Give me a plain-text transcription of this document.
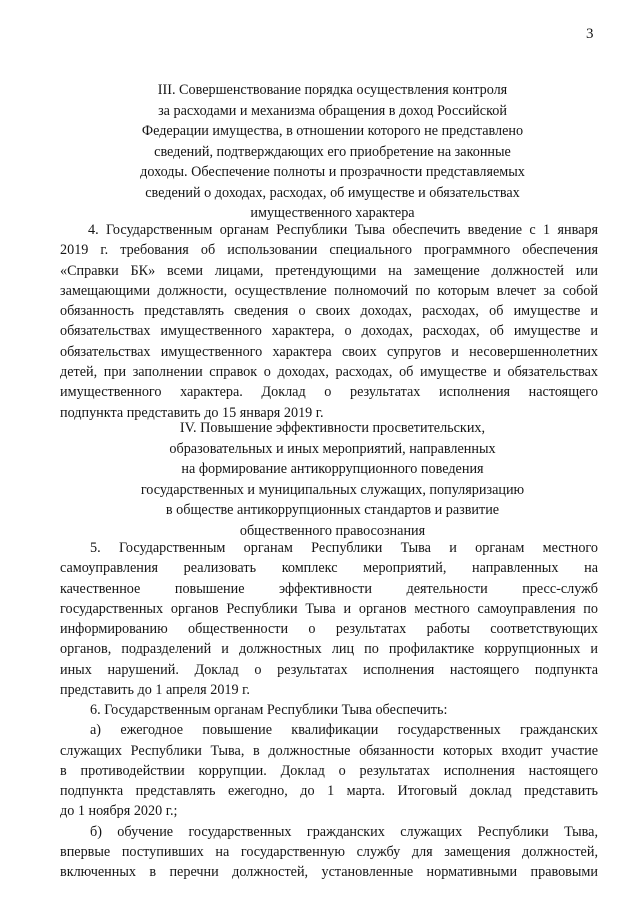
3
III. Совершенствование порядка осуществления контроля
за расходами и механизма обращения в доход Российской
Федерации имущества, в отношении которого не представлено
сведений, подтверждающих его приобретение на законные
доходы. Обеспечение полноты и прозрачности представляемых
сведений о доходах, расходах, об имуществе и обязательствах
имущественного характера
4. Государственным органам Республики Тыва обеспечить введение с 1 января
2019 г. требования об использовании специального программного обеспечения
«Справки БК» всеми лицами, претендующими на замещение должностей или
замещающими должности, осуществление полномочий по которым влечет за собой
обязанность представлять сведения о своих доходах, расходах, об имуществе и
обязательствах имущественного характера, о доходах, расходах, об имуществе и
обязательствах имущественного характера своих супругов и несовершеннолетних
детей, при заполнении справок о доходах, расходах, об имуществе и обязательствах
имущественного характера. Доклад о результатах исполнения настоящего
подпункта представить до 15 января 2019 г.
IV. Повышение эффективности просветительских,
образовательных и иных мероприятий, направленных
на формирование антикоррупционного поведения
государственных и муниципальных служащих, популяризацию
в обществе антикоррупционных стандартов и развитие
общественного правосознания
5. Государственным органам Республики Тыва и органам местного
самоуправления реализовать комплекс мероприятий, направленных на
качественное повышение эффективности деятельности пресс-служб
государственных органов Республики Тыва и органов местного самоуправления по
информированию общественности о результатах работы соответствующих
органов, подразделений и должностных лиц по профилактике коррупционных и
иных нарушений. Доклад о результатах исполнения настоящего подпункта
представить до 1 апреля 2019 г.
6. Государственным органам Республики Тыва обеспечить:
а) ежегодное повышение квалификации государственных гражданских
служащих Республики Тыва, в должностные обязанности которых входит участие
в противодействии коррупции. Доклад о результатах исполнения настоящего
подпункта представлять ежегодно, до 1 марта. Итоговый доклад представить
до 1 ноября 2020 г.;
б) обучение государственных гражданских служащих Республики Тыва,
впервые поступивших на государственную службу для замещения должностей,
включенных в перечни должностей, установленные нормативными правовыми
